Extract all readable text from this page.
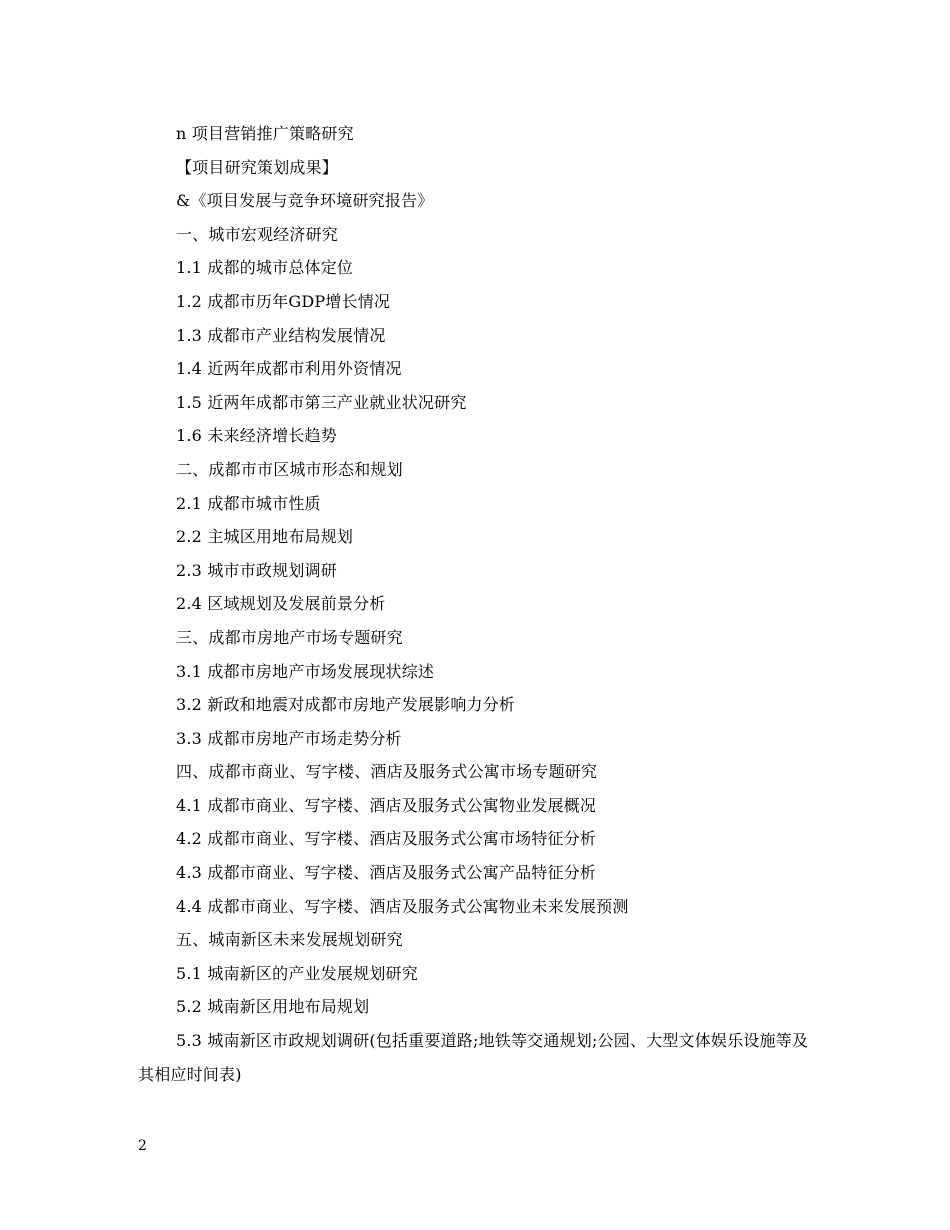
n 项目营销推广策略研究
【项目研究策划成果】
&《项目发展与竞争环境研究报告》
一、城市宏观经济研究
1.1 成都的城市总体定位
1.2 成都市历年GDP增长情况
1.3 成都市产业结构发展情况
1.4 近两年成都市利用外资情况
1.5 近两年成都市第三产业就业状况研究
1.6 未来经济增长趋势
二、成都市市区城市形态和规划
2.1 成都市城市性质
2.2 主城区用地布局规划
2.3 城市市政规划调研
2.4 区域规划及发展前景分析
三、成都市房地产市场专题研究
3.1 成都市房地产市场发展现状综述
3.2 新政和地震对成都市房地产发展影响力分析
3.3 成都市房地产市场走势分析
四、成都市商业、写字楼、酒店及服务式公寓市场专题研究
4.1 成都市商业、写字楼、酒店及服务式公寓物业发展概况
4.2 成都市商业、写字楼、酒店及服务式公寓市场特征分析
4.3 成都市商业、写字楼、酒店及服务式公寓产品特征分析
4.4 成都市商业、写字楼、酒店及服务式公寓物业未来发展预测
五、城南新区未来发展规划研究
5.1 城南新区的产业发展规划研究
5.2 城南新区用地布局规划
5.3 城南新区市政规划调研(包括重要道路;地铁等交通规划;公园、大型文体娱乐设施等及其相应时间表)
2
